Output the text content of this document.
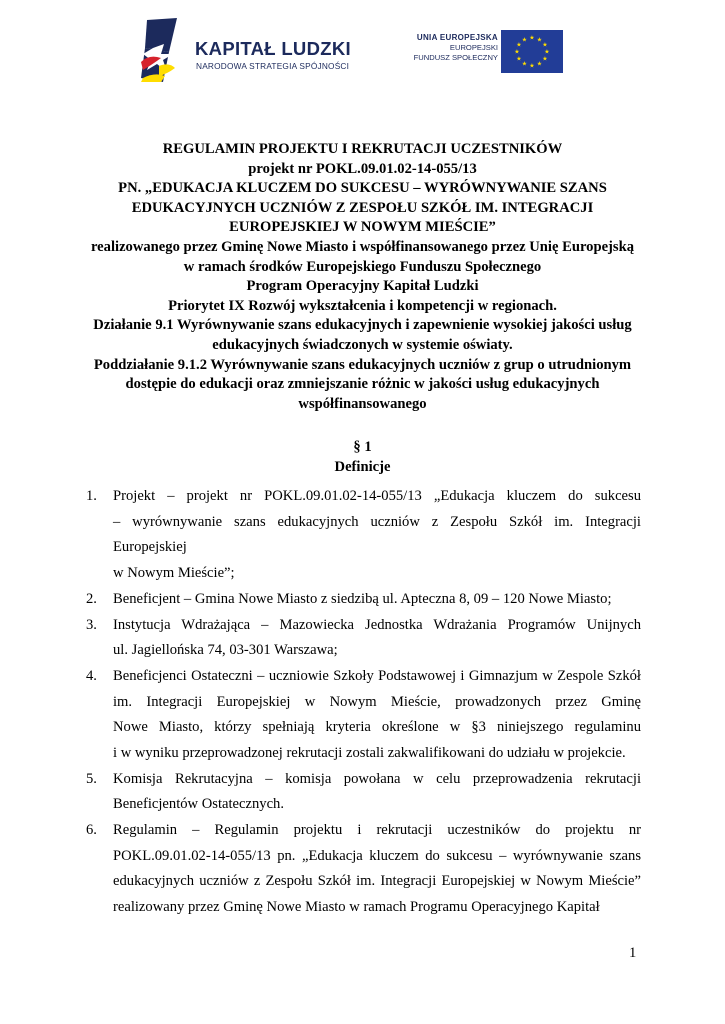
KAPITAŁ LUDZKI
NARODOWA STRATEGIA SPÓJNOŚCI
UNIA EUROPEJSKA
EUROPEJSKI
FUNDUSZ SPOŁECZNY
★ ★
★
★
★
★
★
★
★
★
★
★
REGULAMIN PROJEKTU I REKRUTACJI UCZESTNIKÓW
projekt nr POKL.09.01.02-14-055/13
PN. „EDUKACJA KLUCZEM DO SUKCESU – WYRÓWNYWANIE SZANS
EDUKACYJNYCH UCZNIÓW Z ZESPOŁU SZKÓŁ IM. INTEGRACJI
EUROPEJSKIEJ W NOWYM MIEŚCIE”
realizowanego przez Gminę Nowe Miasto i współfinansowanego przez Unię Europejską
w ramach środków Europejskiego Funduszu Społecznego
Program Operacyjny Kapitał Ludzki
Priorytet IX Rozwój wykształcenia i kompetencji w regionach.
Działanie 9.1 Wyrównywanie szans edukacyjnych i zapewnienie wysokiej jakości usług
edukacyjnych świadczonych w systemie oświaty.
Poddziałanie 9.1.2 Wyrównywanie szans edukacyjnych uczniów z grup o utrudnionym
dostępie do edukacji oraz zmniejszanie różnic w jakości usług edukacyjnych
współfinansowanego
§ 1
Definicje
1. Projekt – projekt nr POKL.09.01.02-14-055/13 „Edukacja kluczem do sukcesu
– wyrównywanie szans edukacyjnych uczniów z Zespołu Szkół im. Integracji Europejskiej
w Nowym Mieście”;
2. Beneficjent – Gmina Nowe Miasto z siedzibą ul. Apteczna 8, 09 – 120 Nowe Miasto;
3. Instytucja Wdrażająca – Mazowiecka Jednostka Wdrażania Programów Unijnych
ul. Jagiellońska 74, 03-301 Warszawa;
4. Beneficjenci Ostateczni – uczniowie Szkoły Podstawowej i Gimnazjum w Zespole Szkół
im. Integracji Europejskiej w Nowym Mieście, prowadzonych przez Gminę
Nowe Miasto, którzy spełniają kryteria określone w §3 niniejszego regulaminu
i w wyniku przeprowadzonej rekrutacji zostali zakwalifikowani do udziału w projekcie.
5. Komisja Rekrutacyjna – komisja powołana w celu przeprowadzenia rekrutacji
Beneficjentów Ostatecznych.
6. Regulamin – Regulamin projektu i rekrutacji uczestników do projektu nr
POKL.09.01.02-14-055/13 pn. „Edukacja kluczem do sukcesu – wyrównywanie szans
edukacyjnych uczniów z Zespołu Szkół im. Integracji Europejskiej w Nowym Mieście”
realizowany przez Gminę Nowe Miasto w ramach Programu Operacyjnego Kapitał
1
